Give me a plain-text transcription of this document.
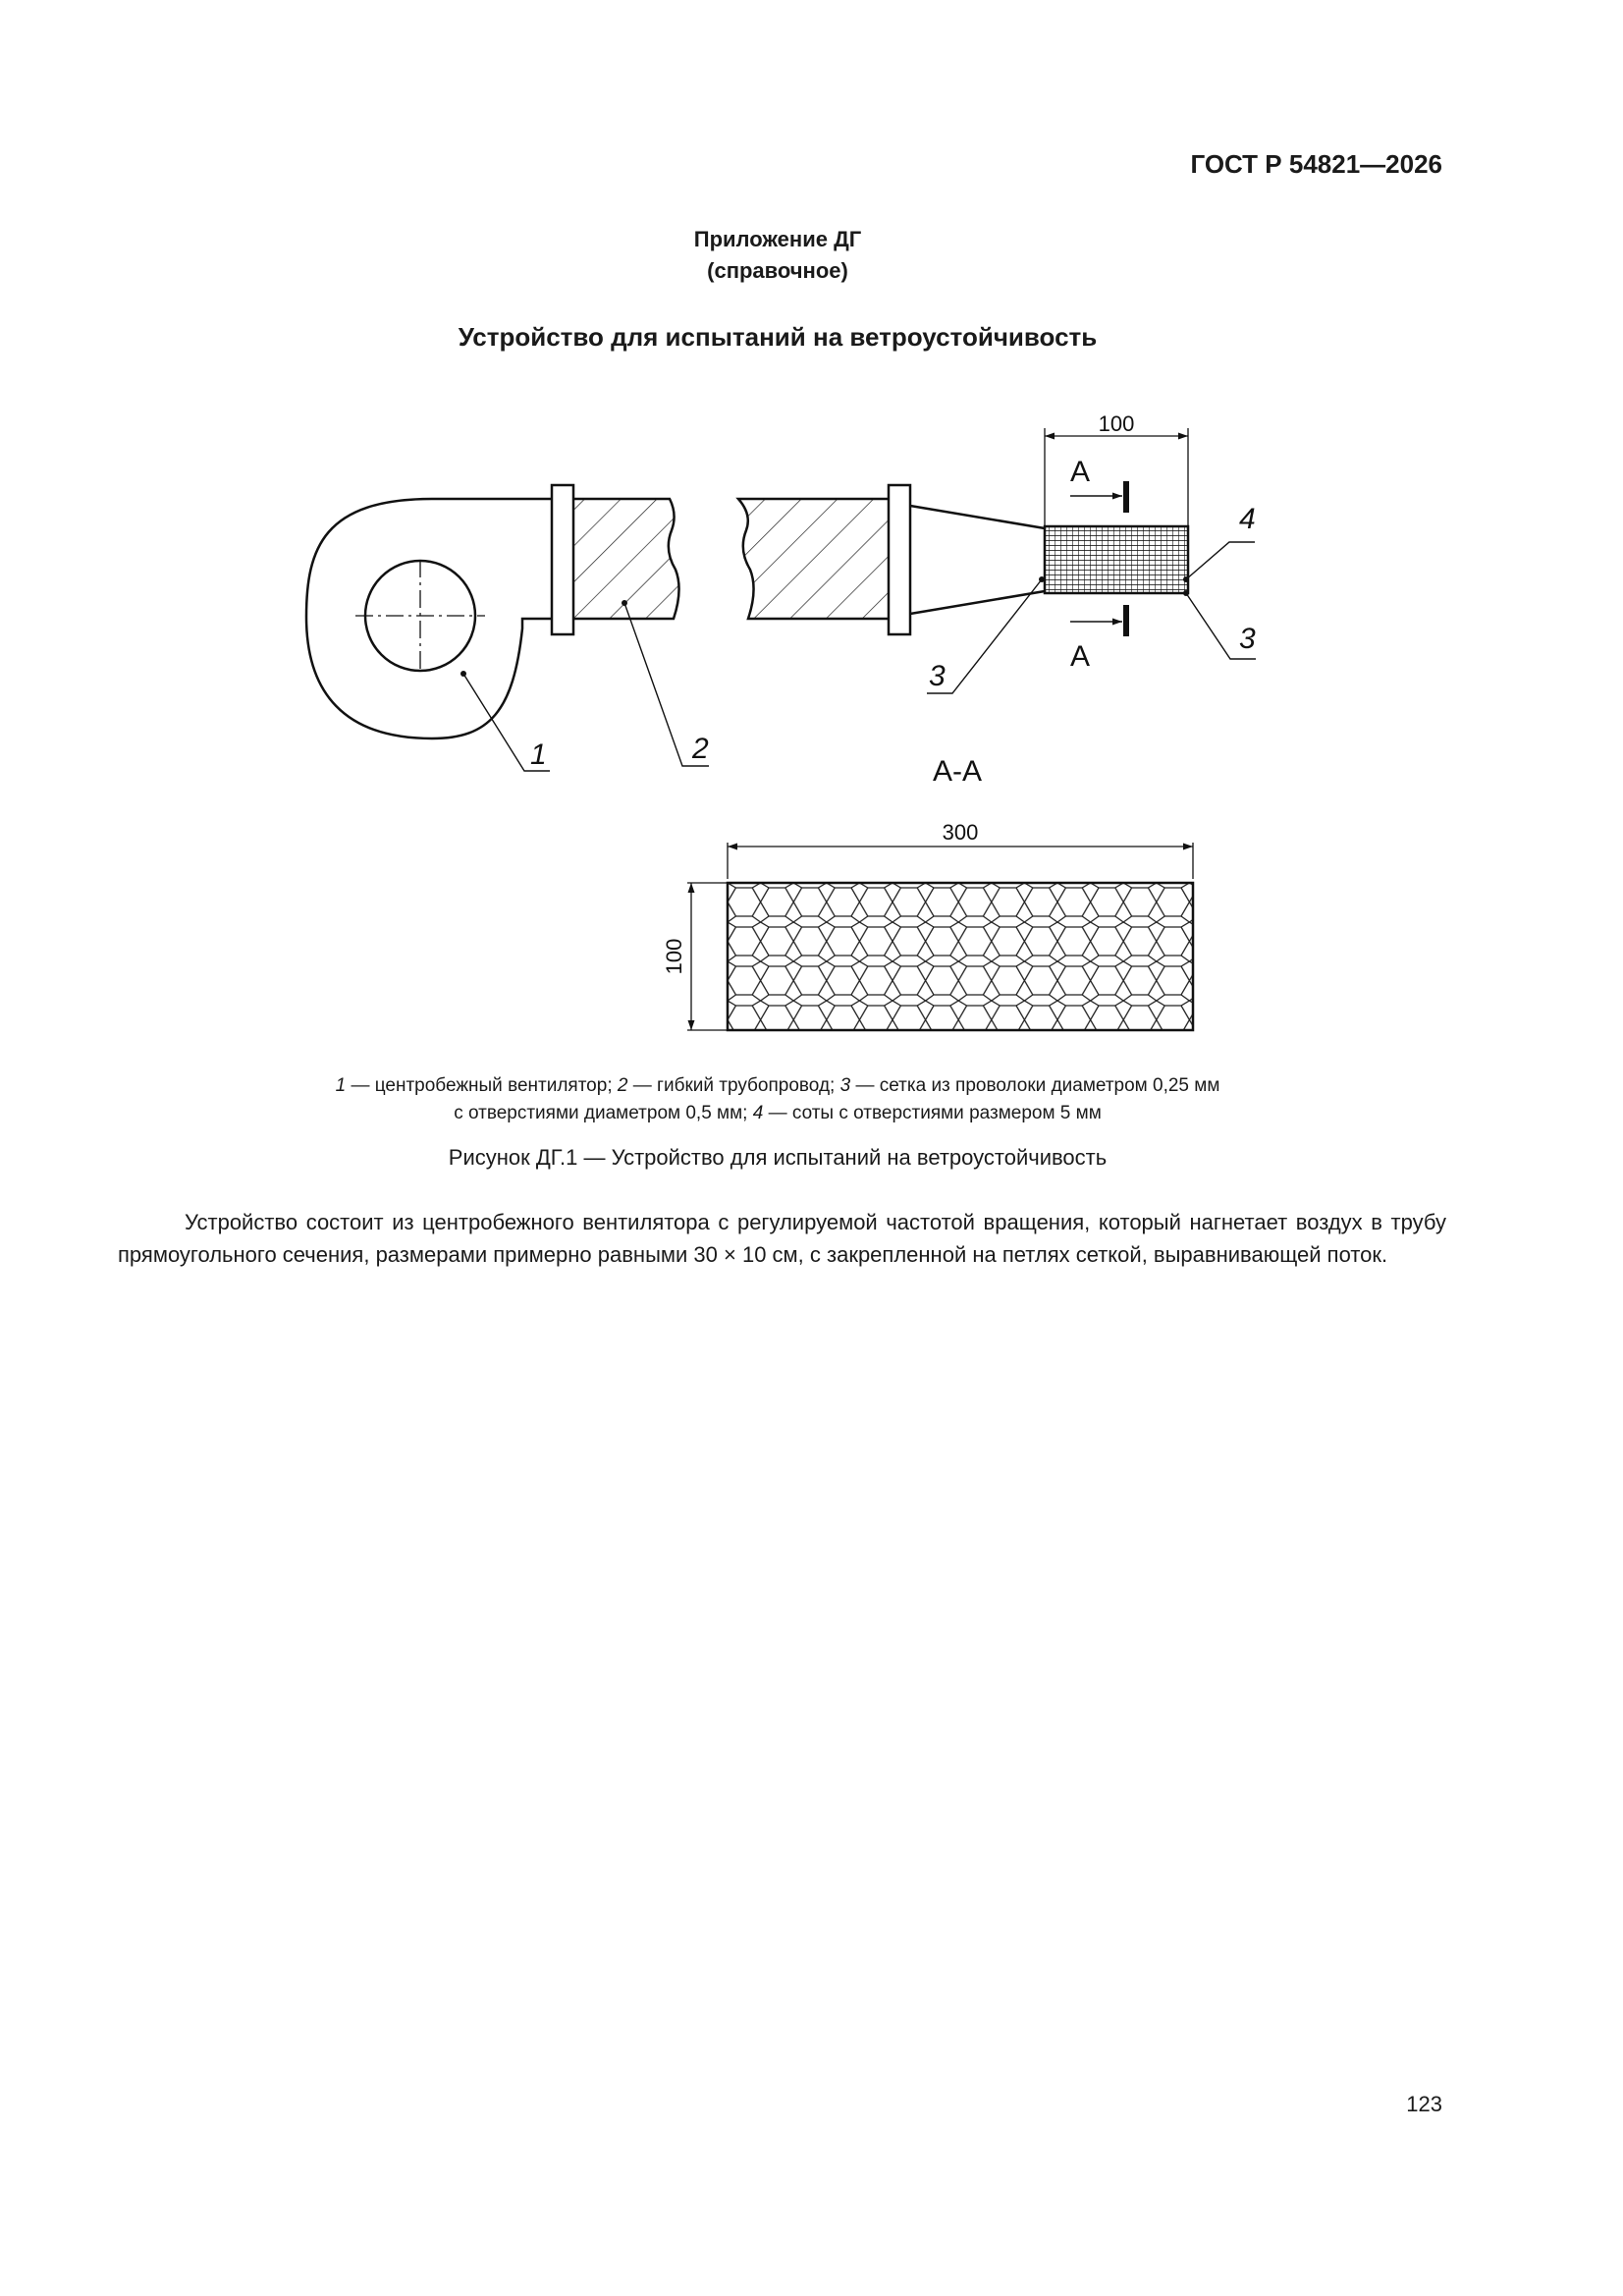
ГОСТ Р 54821—2026
Приложение ДГ
(справочное)
Устройство для испытаний на ветроустойчивость
100
А
А
1	2
3
4
3
А-А
300
100
1 — центробежный вентилятор; 2 — гибкий трубопровод; 3 — сетка из проволоки диаметром 0,25 мм
с отверстиями диаметром 0,5 мм; 4 — соты с отверстиями размером 5 мм
Рисунок ДГ.1 — Устройство для испытаний на ветроустойчивость
Устройство состоит из центробежного вентилятора с регулируемой частотой вращения, который нагнетает воздух в трубу прямоугольного сечения, размерами примерно равными 30 × 10 см, с закрепленной на петлях сеткой, выравнивающей поток.
123
